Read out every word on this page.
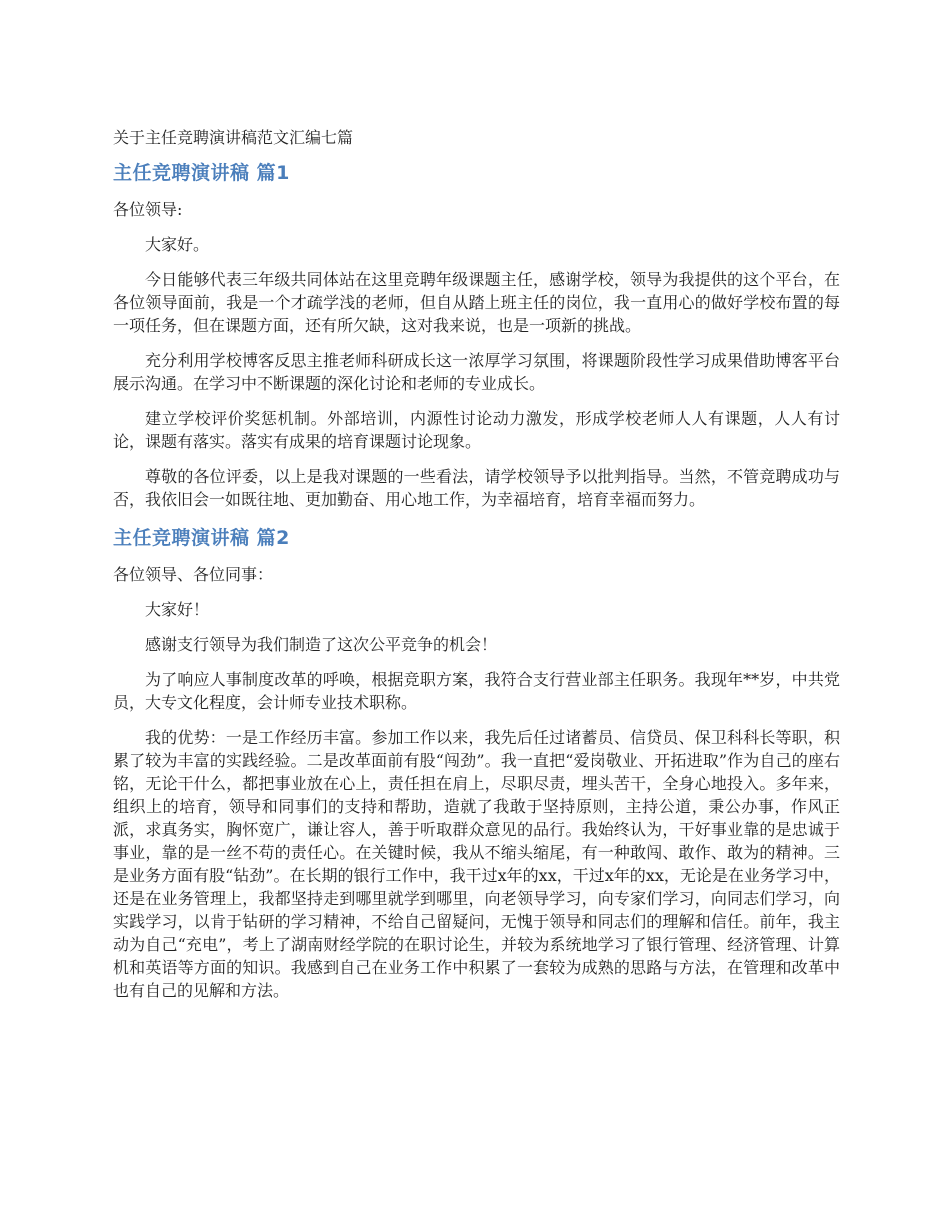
关于主任竞聘演讲稿范文汇编七篇
主任竞聘演讲稿 篇1

各位领导:

大家好。

今日能够代表三年级共同体站在这里竞聘年级课题主任，感谢学校，领导为我提供的这个平台，在各位领导面前，我是一个才疏学浅的老师，但自从踏上班主任的岗位，我一直用心的做好学校布置的每一项任务，但在课题方面，还有所欠缺，这对我来说，也是一项新的挑战。

充分利用学校博客反思主推老师科研成长这一浓厚学习氛围，将课题阶段性学习成果借助博客平台展示沟通。在学习中不断课题的深化讨论和老师的专业成长。

建立学校评价奖惩机制。外部培训，内源性讨论动力激发，形成学校老师人人有课题，人人有讨论，课题有落实。落实有成果的培育课题讨论现象。

尊敬的各位评委，以上是我对课题的一些看法，请学校领导予以批判指导。当然，不管竞聘成功与否，我依旧会一如既往地、更加勤奋、用心地工作，为幸福培育，培育幸福而努力。

主任竞聘演讲稿 篇2

各位领导、各位同事：

大家好！

感谢支行领导为我们制造了这次公平竞争的机会！

为了响应人事制度改革的呼唤，根据竞职方案，我符合支行营业部主任职务。我现年**岁，中共党员，大专文化程度，会计师专业技术职称。

我的优势：一是工作经历丰富。参加工作以来，我先后任过诸蓄员、信贷员、保卫科科长等职，积累了较为丰富的实践经验。二是改革面前有股“闯劲”。我一直把“爱岗敬业、开拓进取”作为自己的座右铭，无论干什么，都把事业放在心上，责任担在肩上，尽职尽责，埋头苦干，全身心地投入。多年来，组织上的培育，领导和同事们的支持和帮助，造就了我敢于坚持原则，主持公道，秉公办事，作风正派，求真务实，胸怀宽广，谦让容人，善于听取群众意见的品行。我始终认为，干好事业靠的是忠诚于事业，靠的是一丝不苟的责任心。在关键时候，我从不缩头缩尾，有一种敢闯、敢作、敢为的精神。三是业务方面有股“钻劲”。在长期的银行工作中，我干过x年的xx，干过x年的xx，无论是在业务学习中，还是在业务管理上，我都坚持走到哪里就学到哪里，向老领导学习，向专家们学习，向同志们学习，向实践学习，以肯于钻研的学习精神，不给自己留疑问，无愧于领导和同志们的理解和信任。前年，我主动为自己“充电”，考上了湖南财经学院的在职讨论生，并较为系统地学习了银行管理、经济管理、计算机和英语等方面的知识。我感到自己在业务工作中积累了一套较为成熟的思路与方法，在管理和改革中也有自己的见解和方法。
